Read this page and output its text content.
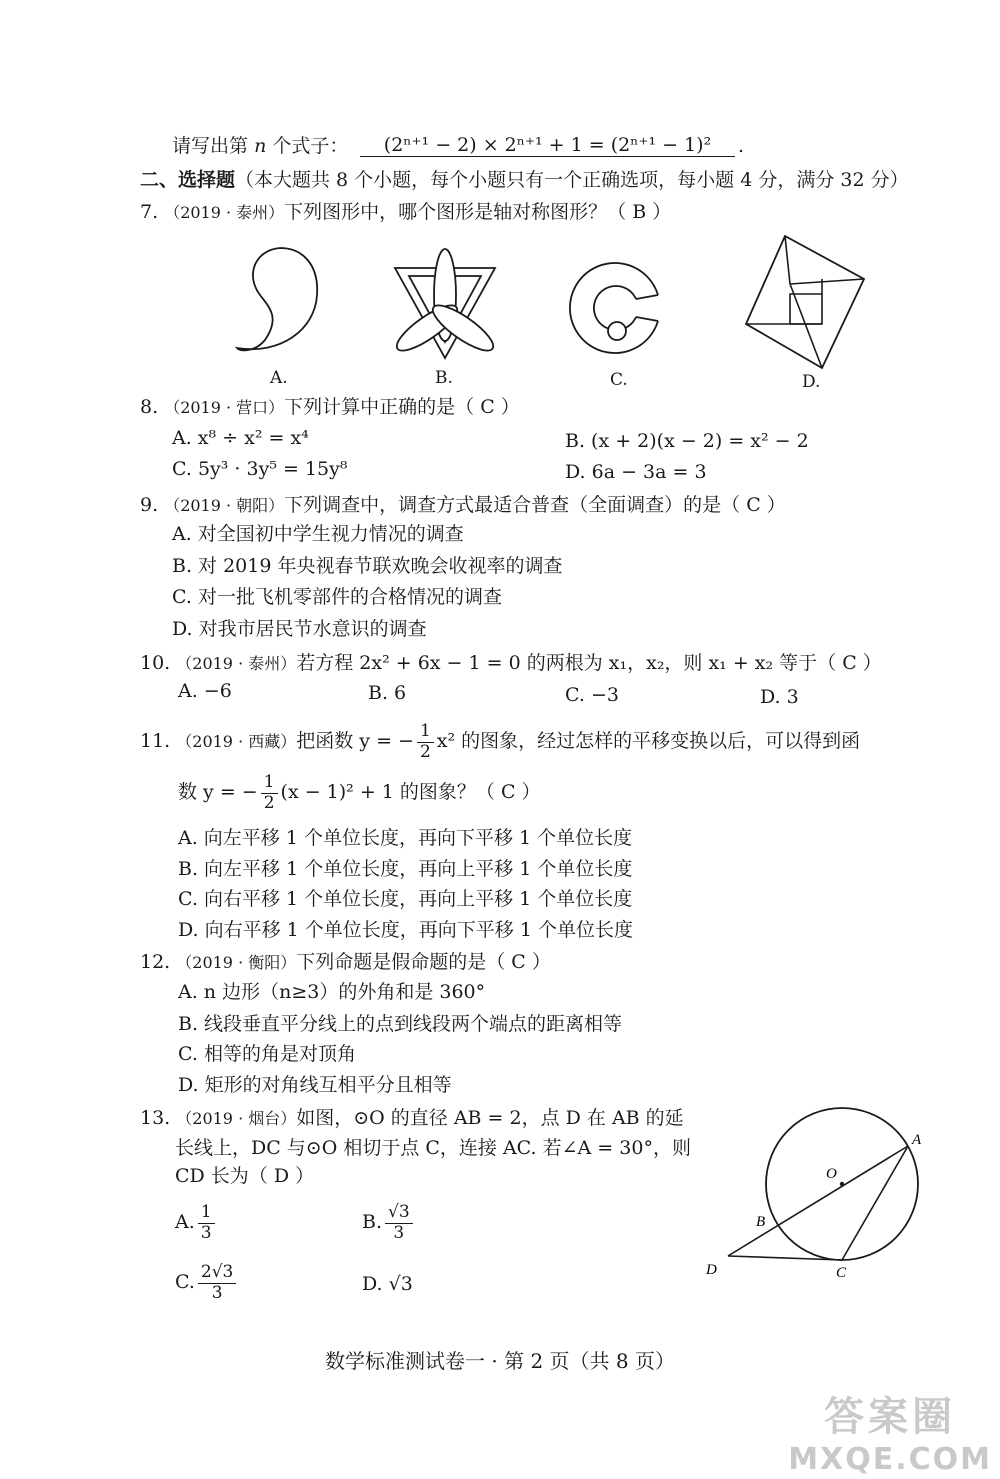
请写出第 n 个式子：	(2ⁿ⁺¹ − 2) × 2ⁿ⁺¹ + 1 = (2ⁿ⁺¹ − 1)²	.
二、选择题（本大题共 8 个小题，每个小题只有一个正确选项，每小题 4 分，满分 32 分）
7. （2019 · 泰州）下列图形中，哪个图形是轴对称图形？（ B ）
A.	B.	C.	D.
8. （2019 · 营口）下列计算中正确的是（ C ）
A. x⁸ ÷ x² = x⁴	B. (x + 2)(x − 2) = x² − 2
C. 5y³ · 3y⁵ = 15y⁸	D. 6a − 3a = 3
9. （2019 · 朝阳）下列调查中，调查方式最适合普查（全面调查）的是（ C ）
A. 对全国初中学生视力情况的调查
B. 对 2019 年央视春节联欢晚会收视率的调查
C. 对一批飞机零部件的合格情况的调查
D. 对我市居民节水意识的调查
10. （2019 · 泰州）若方程 2x² + 6x − 1 = 0 的两根为 x₁，x₂，则 x₁ + x₂ 等于（ C ）
A. −6	B. 6	C. −3	D. 3
11. （2019 · 西藏）把函数 y = − $\frac{1}{2} x^2$ 的图象，经过怎样的平移变换以后，可以得到函
数 y = − $\frac{1}{2} (x - 1)^2 + 1$ 的图象？（ C ）
A. 向左平移 1 个单位长度，再向下平移 1 个单位长度
B. 向左平移 1 个单位长度，再向上平移 1 个单位长度
C. 向右平移 1 个单位长度，再向上平移 1 个单位长度
D. 向右平移 1 个单位长度，再向下平移 1 个单位长度
12. （2019 · 衡阳）下列命题是假命题的是（ C ）
A. n 边形（n≥3）的外角和是 360°
B. 线段垂直平分线上的点到线段两个端点的距离相等
C. 相等的角是对顶角
D. 矩形的对角线互相平分且相等
13. （2019 · 烟台）如图，⊙O 的直径 AB = 2，点 D 在 AB 的延
长线上，DC 与⊙O 相切于点 C，连接 AC. 若∠A = 30°，则
CD 长为（ D ）
A. $\frac{1}{3}$	B. $\frac{√3}{3}$
C. $\frac{2√3}{3}$	D. √3
A
O
B
D	C
数学标准测试卷一 · 第 2 页（共 8 页）
答案圈
MXQE.COM
